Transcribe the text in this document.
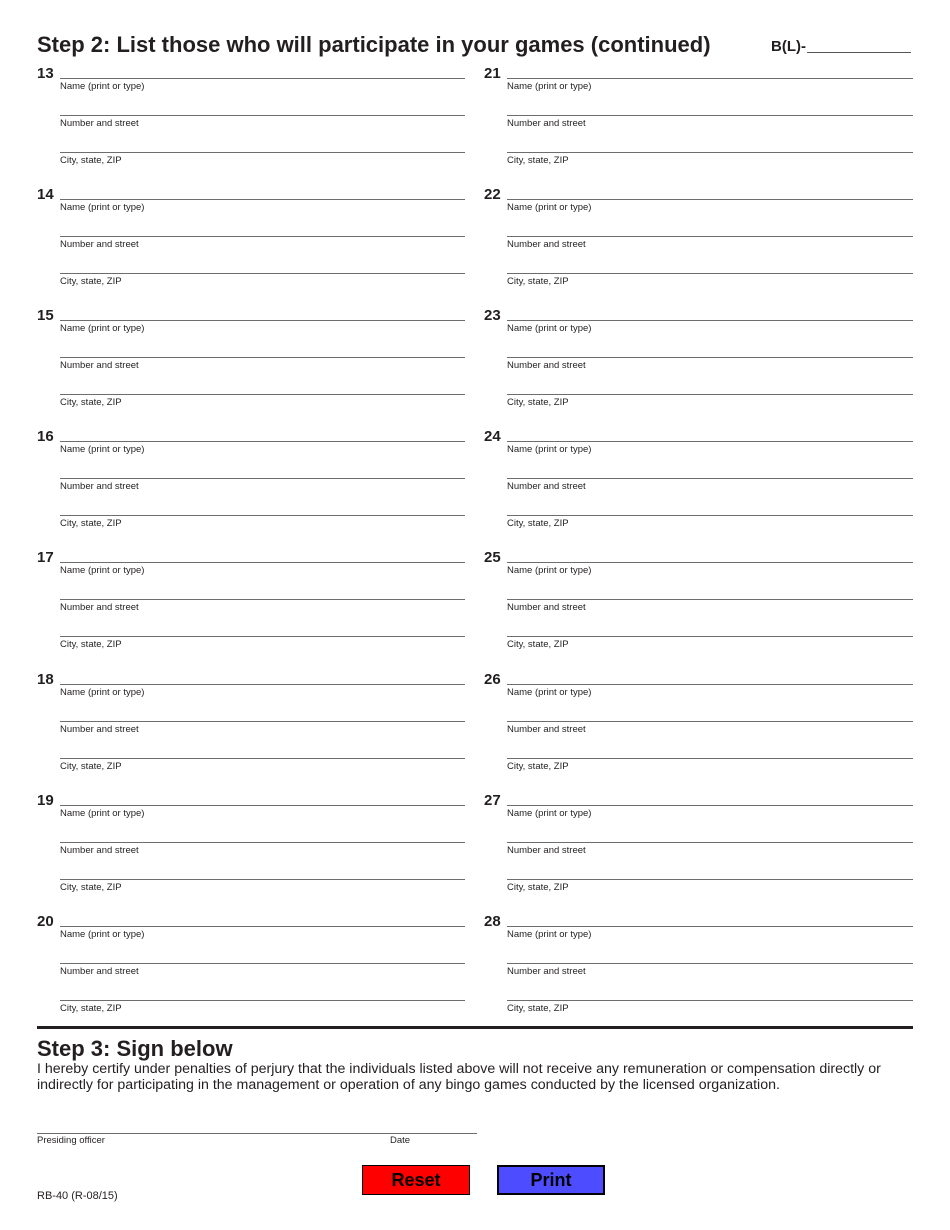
Step 2: List those who will participate in your games (continued)	B(L)-
13
Name (print or type)
Number and street
City, state, ZIP
14
Name (print or type)
Number and street
City, state, ZIP
15
Name (print or type)
Number and street
City, state, ZIP
16
Name (print or type)
Number and street
City, state, ZIP
17
Name (print or type)
Number and street
City, state, ZIP
18
Name (print or type)
Number and street
City, state, ZIP
19
Name (print or type)
Number and street
City, state, ZIP
20
Name (print or type)
Number and street
City, state, ZIP
21
Name (print or type)
Number and street
City, state, ZIP
22
Name (print or type)
Number and street
City, state, ZIP
23
Name (print or type)
Number and street
City, state, ZIP
24
Name (print or type)
Number and street
City, state, ZIP
25
Name (print or type)
Number and street
City, state, ZIP
26
Name (print or type)
Number and street
City, state, ZIP
27
Name (print or type)
Number and street
City, state, ZIP
28
Name (print or type)
Number and street
City, state, ZIP
Step 3: Sign below
I hereby certify under penalties of perjury that the individuals listed above will not receive any remuneration or compensation directly or indirectly for participating in the management or operation of any bingo games conducted by the licensed organization.
Presiding officer	Date
Reset	Print
RB-40 (R-08/15)
